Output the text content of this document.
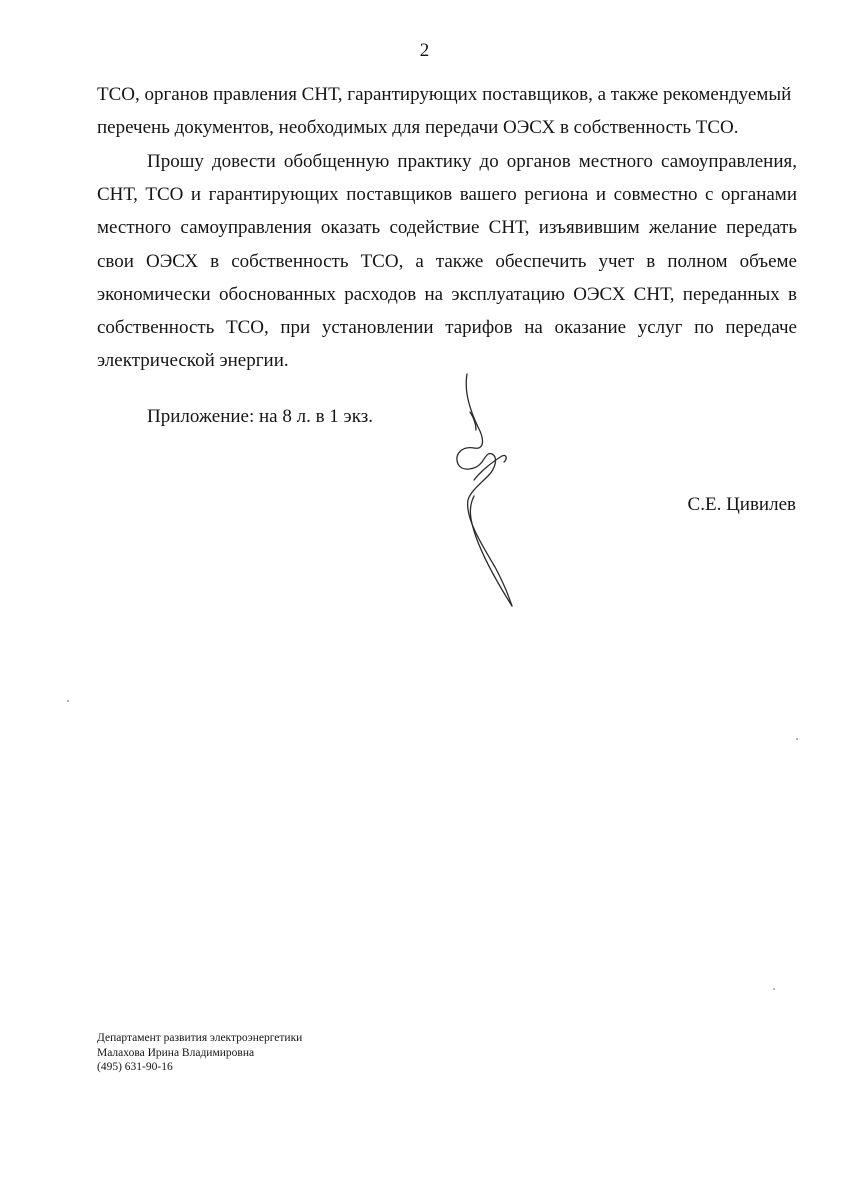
2
ТСО, органов правления СНТ, гарантирующих поставщиков, а также рекомендуемый
перечень документов, необходимых для передачи ОЭСХ в собственность ТСО.
Прошу довести обобщенную практику до органов местного самоуправления, СНТ, ТСО и гарантирующих поставщиков вашего региона и совместно с органами местного самоуправления оказать содействие СНТ, изъявившим желание передать свои ОЭСХ в собственность ТСО, а также обеспечить учет в полном объеме экономически обоснованных расходов на эксплуатацию ОЭСХ СНТ, переданных в собственность ТСО, при установлении тарифов на оказание услуг по передаче электрической энергии.
Приложение: на 8 л. в 1 экз.
С.Е. Цивилев
Департамент развития электроэнергетики
Малахова Ирина Владимировна
(495) 631-90-16
